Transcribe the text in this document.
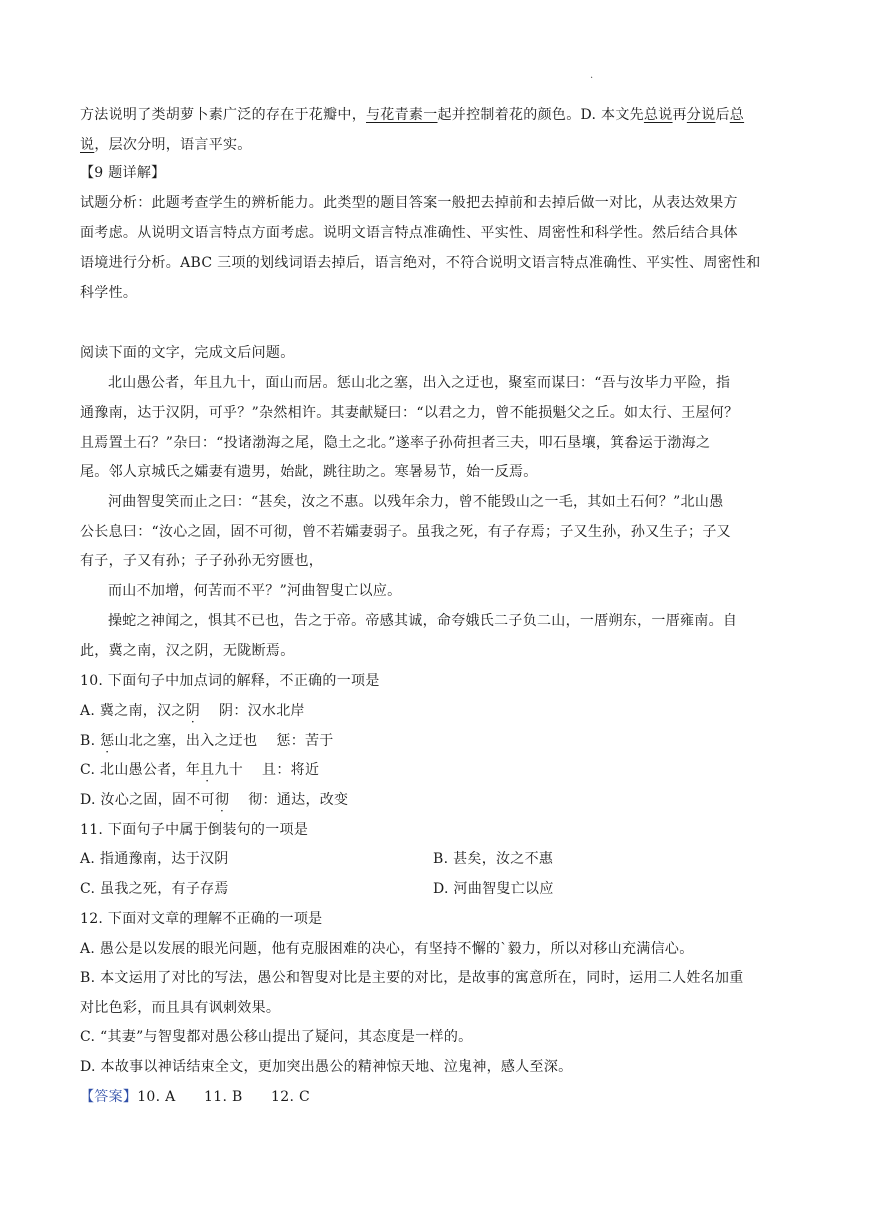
.
方法说明了类胡萝卜素广泛的存在于花瓣中，与花青素一起并控制着花的颜色。D. 本文先总说再分说后总
说，层次分明，语言平实。
【9 题详解】
试题分析：此题考查学生的辨析能力。此类型的题目答案一般把去掉前和去掉后做一对比，从表达效果方
面考虑。从说明文语言特点方面考虑。说明文语言特点准确性、平实性、周密性和科学性。然后结合具体
语境进行分析。ABC 三项的划线词语去掉后，语言绝对，不符合说明文语言特点准确性、平实性、周密性和
科学性。
阅读下面的文字，完成文后问题。
北山愚公者，年且九十，面山而居。惩山北之塞，出入之迂也，聚室而谋曰：“吾与汝毕力平险，指
通豫南，达于汉阴，可乎？”杂然相许。其妻献疑曰：“以君之力，曾不能损魁父之丘。如太行、王屋何？
且焉置土石？”杂曰：“投诸渤海之尾，隐土之北。”遂率子孙荷担者三夫，叩石垦壤，箕畚运于渤海之
尾。邻人京城氏之孀妻有遗男，始龀，跳往助之。寒暑易节，始一反焉。
河曲智叟笑而止之曰：“甚矣，汝之不惠。以残年余力，曾不能毁山之一毛，其如土石何？”北山愚
公长息曰：“汝心之固，固不可彻，曾不若孀妻弱子。虽我之死，有子存焉；子又生孙，孙又生子；子又
有子，子又有孙；子子孙孙无穷匮也，
而山不加增，何苦而不平？”河曲智叟亡以应。
操蛇之神闻之，惧其不已也，告之于帝。帝感其诚，命夸娥氏二子负二山，一厝朔东，一厝雍南。自
此，冀之南，汉之阴，无陇断焉。
10. 下面句子中加点词的解释，不正确的一项是
A. 冀之南，汉之阴    阴：汉水北岸
B. 惩山北之塞，出入之迂也    惩：苦于
C. 北山愚公者，年且九十    且：将近
D. 汝心之固，固不可彻    彻：通达，改变
11. 下面句子中属于倒装句的一项是
A. 指通豫南，达于汉阴	B. 甚矣，汝之不惠
C. 虽我之死，有子存焉	D. 河曲智叟亡以应
12. 下面对文章的理解不正确的一项是
A. 愚公是以发展的眼光问题，他有克服困难的决心，有坚持不懈的`毅力，所以对移山充满信心。
B. 本文运用了对比的写法，愚公和智叟对比是主要的对比，是故事的寓意所在，同时，运用二人姓名加重
对比色彩，而且具有讽刺效果。
C. “其妻”与智叟都对愚公移山提出了疑问，其态度是一样的。
D. 本故事以神话结束全文，更加突出愚公的精神惊天地、泣鬼神，感人至深。
【答案】10. A      11. B      12. C
